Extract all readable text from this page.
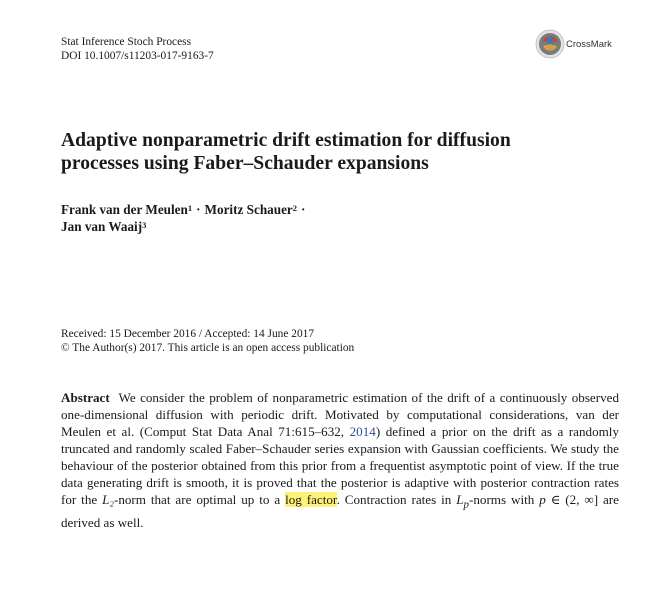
Stat Inference Stoch Process
DOI 10.1007/s11203-017-9163-7
CrossMark
Adaptive nonparametric drift estimation for diffusion
processes using Faber–Schauder expansions
Frank van der Meulen$^1$ · Moritz Schauer$^2$ ·
Jan van Waaij$^3$
Received: 15 December 2016 / Accepted: 14 June 2017
© The Author(s) 2017. This article is an open access publication

Abstract We consider the problem of nonparametric estimation of the drift of a continuously observed one-dimensional diffusion with periodic drift. Motivated by computational considerations, van der Meulen et al. (Comput Stat Data Anal 71:615–632, 2014) defined a prior on the drift as a randomly truncated and randomly scaled Faber–Schauder series expansion with Gaussian coefficients. We study the behaviour of the posterior obtained from this prior from a frequentist asymptotic point of view. If the true data generating drift is smooth, it is proved that the posterior is adaptive with posterior contraction rates for the L₂-norm that are optimal up to a log factor. Contraction rates in $L_p$-norms with p ∈ (2, ∞] are derived as well.
